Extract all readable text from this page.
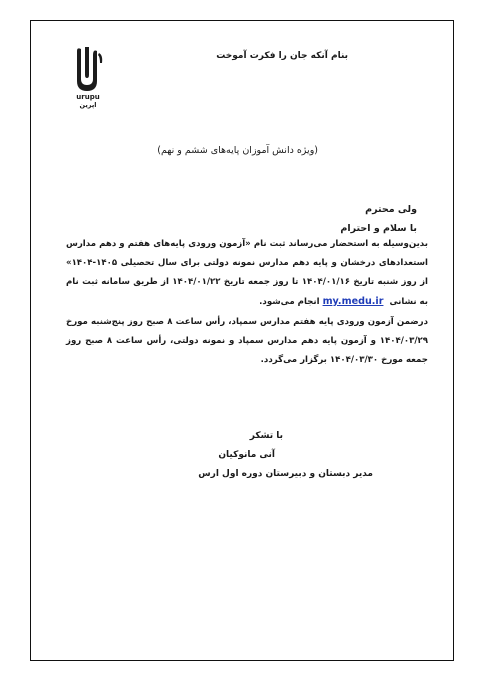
urupu
اپرین
بنام آنکه جان را فکرت آموخت
(ویژه دانش آموزان پایه‌های ششم و نهم)
ولی محترم
با سلام و احترام
بدین‌وسیله به استحضار می‌رساند ثبت نام «آزمون ورودی پایه‌های هفتم و دهم مدارس استعدادهای درخشان و پایه دهم مدارس نمونه دولتی برای سال تحصیلی ۱۴۰۵-۱۴۰۴» از روز شنبه تاریخ ۱۴۰۴/۰۱/۱۶ تا روز جمعه تاریخ ۱۴۰۴/۰۱/۲۲ از طریق سامانه ثبت نام به نشانی  my.medu.ir انجام می‌شود.
درضمن آزمون ورودی پایه هفتم مدارس سمپاد، رأس ساعت ۸ صبح روز پنج‌شنبه مورخ ۱۴۰۴/۰۳/۲۹ و آزمون پایه دهم مدارس سمپاد و نمونه دولتی، رأس ساعت ۸ صبح روز جمعه مورخ ۱۴۰۴/۰۳/۳۰ برگزار می‌گردد.
با تشکر
آنی مانوکیان
مدیر دبستان و دبیرستان دوره اول ارس
